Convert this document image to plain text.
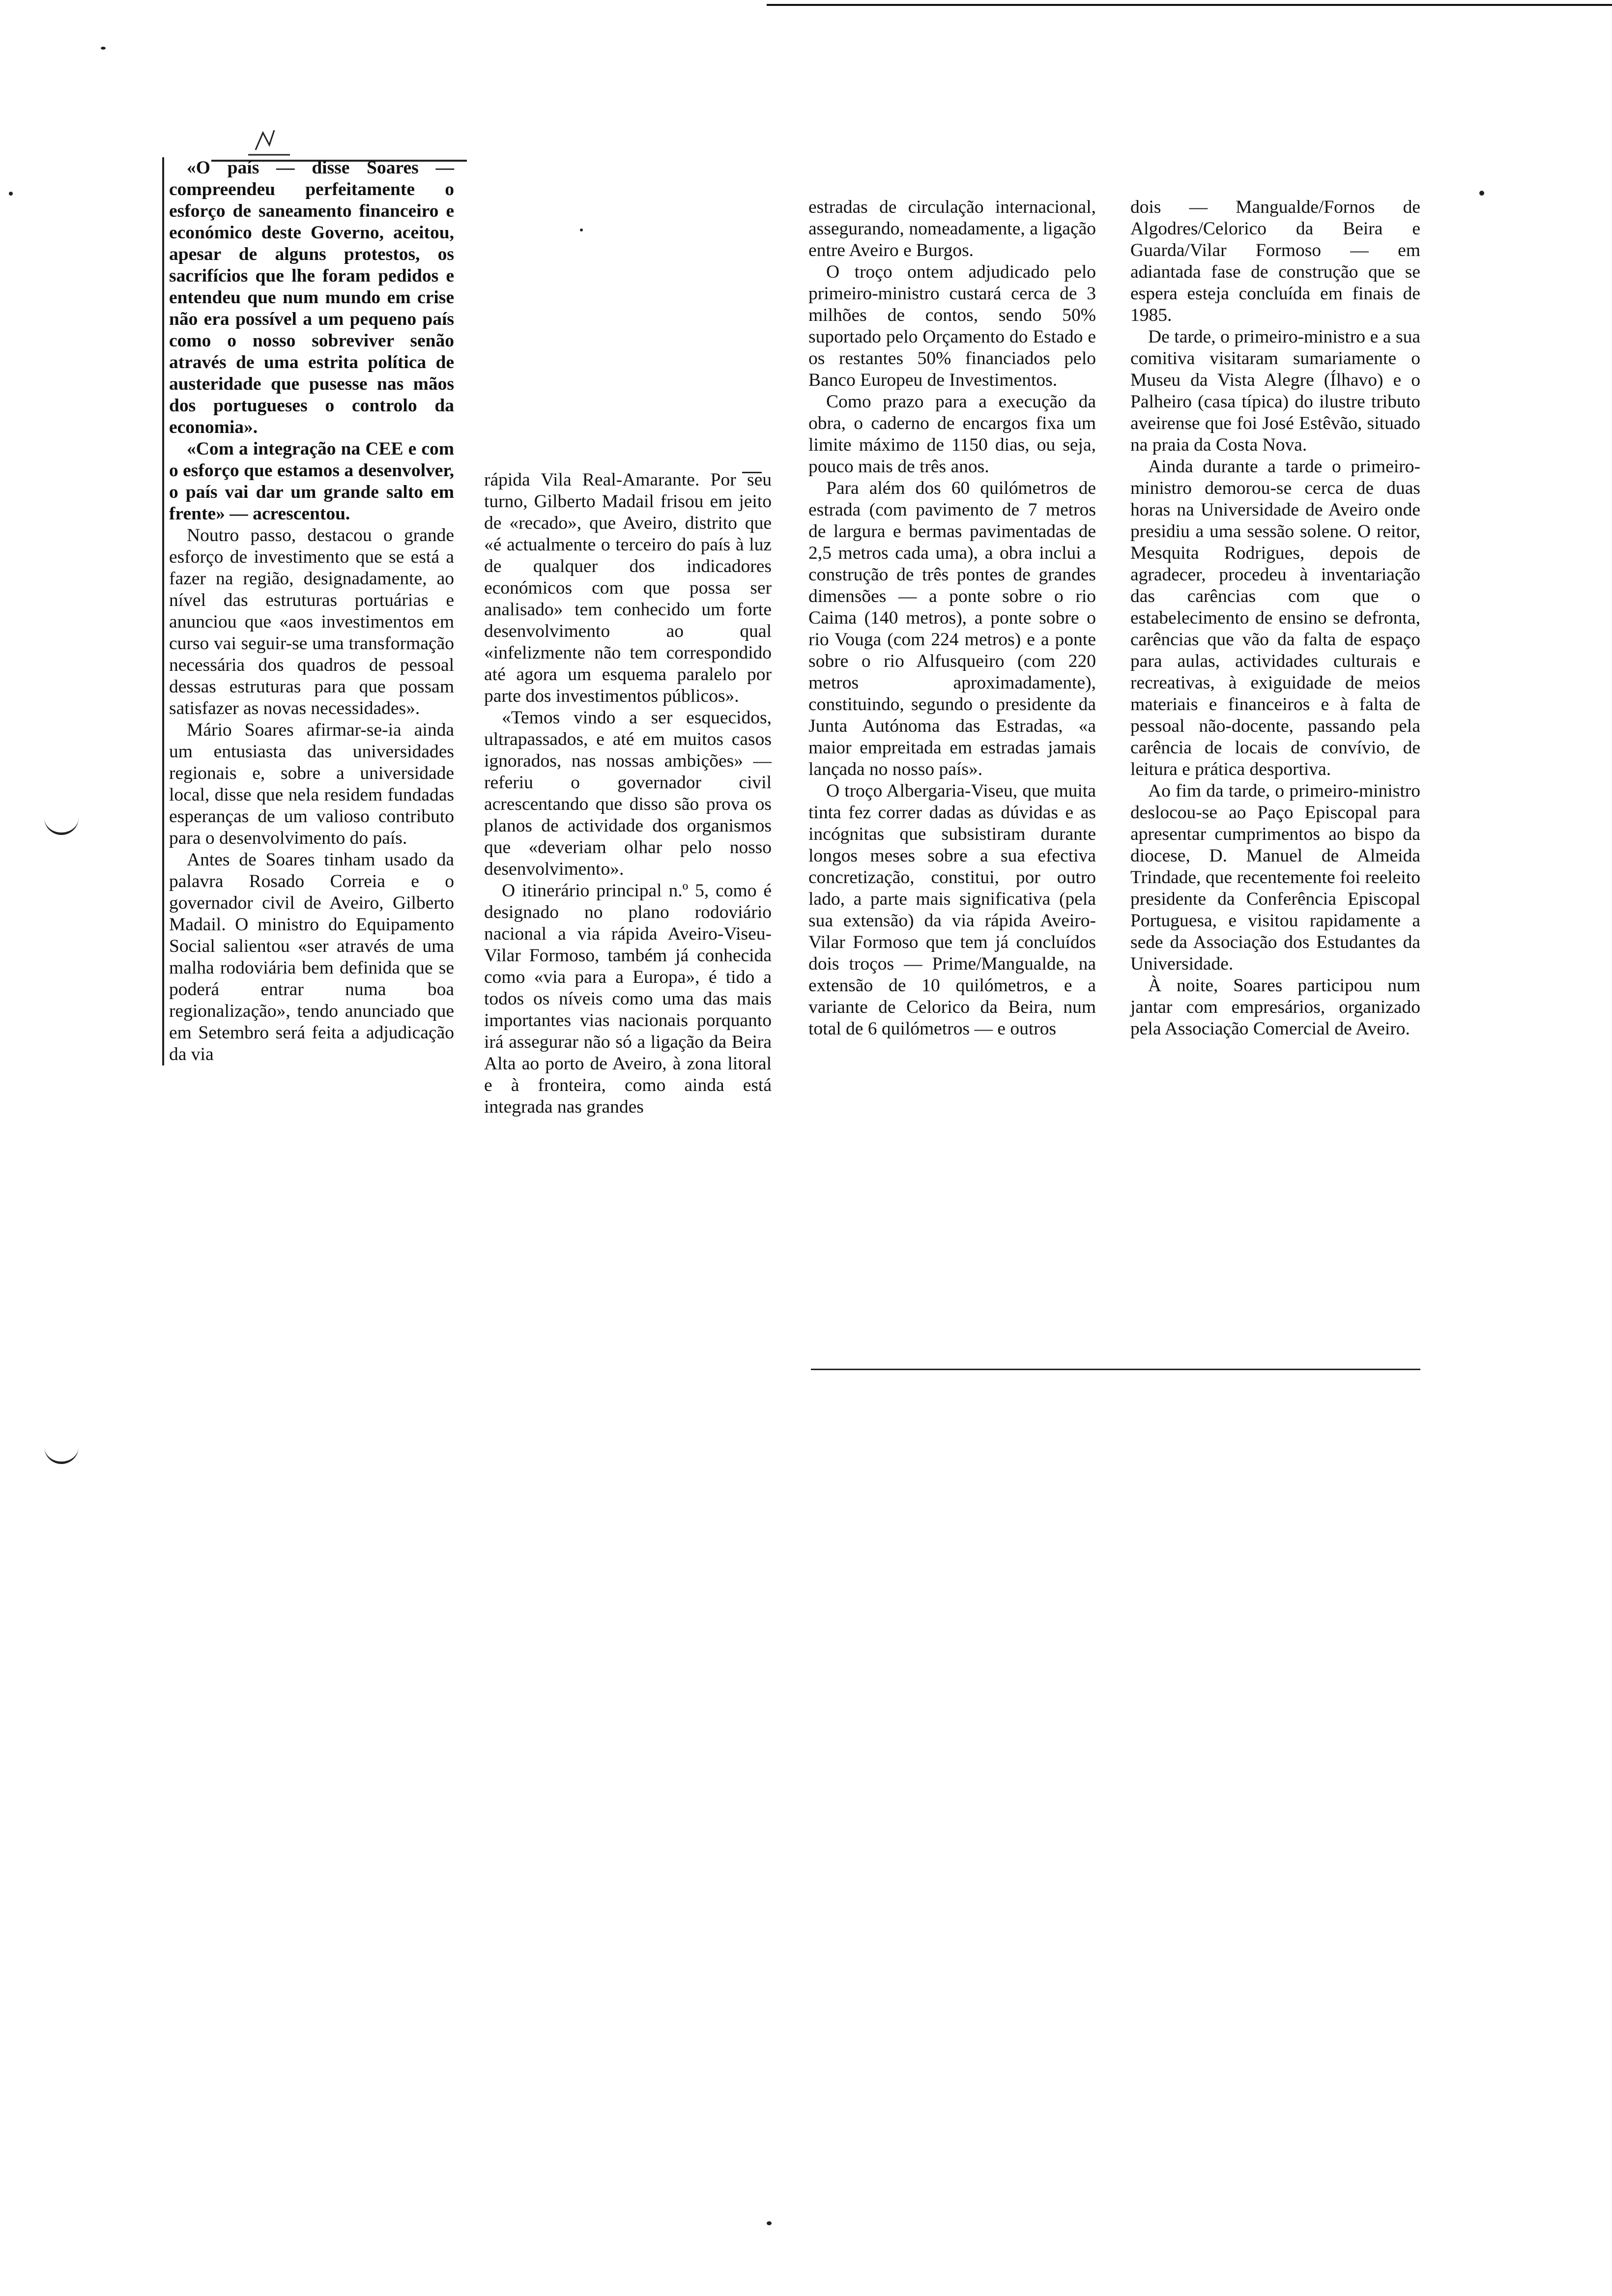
«O país — disse Soares — compreendeu perfeitamente o esforço de saneamento financeiro e económico deste Governo, aceitou, apesar de alguns protestos, os sacrifícios que lhe foram pedidos e entendeu que num mundo em crise não era possível a um pequeno país como o nosso sobreviver senão através de uma estrita política de austeridade que pusesse nas mãos dos portugueses o controlo da economia».

«Com a integração na CEE e com o esforço que estamos a desenvolver, o país vai dar um grande salto em frente» — acrescentou.

Noutro passo, destacou o grande esforço de investimento que se está a fazer na região, designadamente, ao nível das estruturas portuárias e anunciou que «aos investimentos em curso vai seguir-se uma transformação necessária dos quadros de pessoal dessas estruturas para que possam satisfazer as novas necessidades».

Mário Soares afirmar-se-ia ainda um entusiasta das universidades regionais e, sobre a universidade local, disse que nela residem fundadas esperanças de um valioso contributo para o desenvolvimento do país.

Antes de Soares tinham usado da palavra Rosado Correia e o governador civil de Aveiro, Gilberto Madail. O ministro do Equipamento Social salientou «ser através de uma malha rodoviária bem definida que se poderá entrar numa boa regionalização», tendo anunciado que em Setembro será feita a adjudicação da via

rápida Vila Real-Amarante. Por seu turno, Gilberto Madail frisou em jeito de «recado», que Aveiro, distrito que «é actualmente o terceiro do país à luz de qualquer dos indicadores económicos com que possa ser analisado» tem conhecido um forte desenvolvimento ao qual «infelizmente não tem correspondido até agora um esquema paralelo por parte dos investimentos públicos».

«Temos vindo a ser esquecidos, ultrapassados, e até em muitos casos ignorados, nas nossas ambições» — referiu o governador civil acrescentando que disso são prova os planos de actividade dos organismos que «deveriam olhar pelo nosso desenvolvimento».

O itinerário principal n.º 5, como é designado no plano rodoviário nacional a via rápida Aveiro-Viseu-Vilar Formoso, também já conhecida como «via para a Europa», é tido a todos os níveis como uma das mais importantes vias nacionais porquanto irá assegurar não só a ligação da Beira Alta ao porto de Aveiro, à zona litoral e à fronteira, como ainda está integrada nas grandes

estradas de circulação internacional, assegurando, nomeadamente, a ligação entre Aveiro e Burgos.

O troço ontem adjudicado pelo primeiro-ministro custará cerca de 3 milhões de contos, sendo 50% suportado pelo Orçamento do Estado e os restantes 50% financiados pelo Banco Europeu de Investimentos.

Como prazo para a execução da obra, o caderno de encargos fixa um limite máximo de 1150 dias, ou seja, pouco mais de três anos.

Para além dos 60 quilómetros de estrada (com pavimento de 7 metros de largura e bermas pavimentadas de 2,5 metros cada uma), a obra inclui a construção de três pontes de grandes dimensões — a ponte sobre o rio Caima (140 metros), a ponte sobre o rio Vouga (com 224 metros) e a ponte sobre o rio Alfusqueiro (com 220 metros aproximadamente), constituindo, segundo o presidente da Junta Autónoma das Estradas, «a maior empreitada em estradas jamais lançada no nosso país».

O troço Albergaria-Viseu, que muita tinta fez correr dadas as dúvidas e as incógnitas que subsistiram durante longos meses sobre a sua efectiva concretização, constitui, por outro lado, a parte mais significativa (pela sua extensão) da via rápida Aveiro-Vilar Formoso que tem já concluídos dois troços — Prime/Mangualde, na extensão de 10 quilómetros, e a variante de Celorico da Beira, num total de 6 quilómetros — e outros

dois — Mangualde/Fornos de Algodres/Celorico da Beira e Guarda/Vilar Formoso — em adiantada fase de construção que se espera esteja concluída em finais de 1985.

De tarde, o primeiro-ministro e a sua comitiva visitaram sumariamente o Museu da Vista Alegre (Ílhavo) e o Palheiro (casa típica) do ilustre tributo aveirense que foi José Estêvão, situado na praia da Costa Nova.

Ainda durante a tarde o primeiro-ministro demorou-se cerca de duas horas na Universidade de Aveiro onde presidiu a uma sessão solene. O reitor, Mesquita Rodrigues, depois de agradecer, procedeu à inventariação das carências com que o estabelecimento de ensino se defronta, carências que vão da falta de espaço para aulas, actividades culturais e recreativas, à exiguidade de meios materiais e financeiros e à falta de pessoal não-docente, passando pela carência de locais de convívio, de leitura e prática desportiva.

Ao fim da tarde, o primeiro-ministro deslocou-se ao Paço Episcopal para apresentar cumprimentos ao bispo da diocese, D. Manuel de Almeida Trindade, que recentemente foi reeleito presidente da Conferência Episcopal Portuguesa, e visitou rapidamente a sede da Associação dos Estudantes da Universidade.

À noite, Soares participou num jantar com empresários, organizado pela Associação Comercial de Aveiro.
